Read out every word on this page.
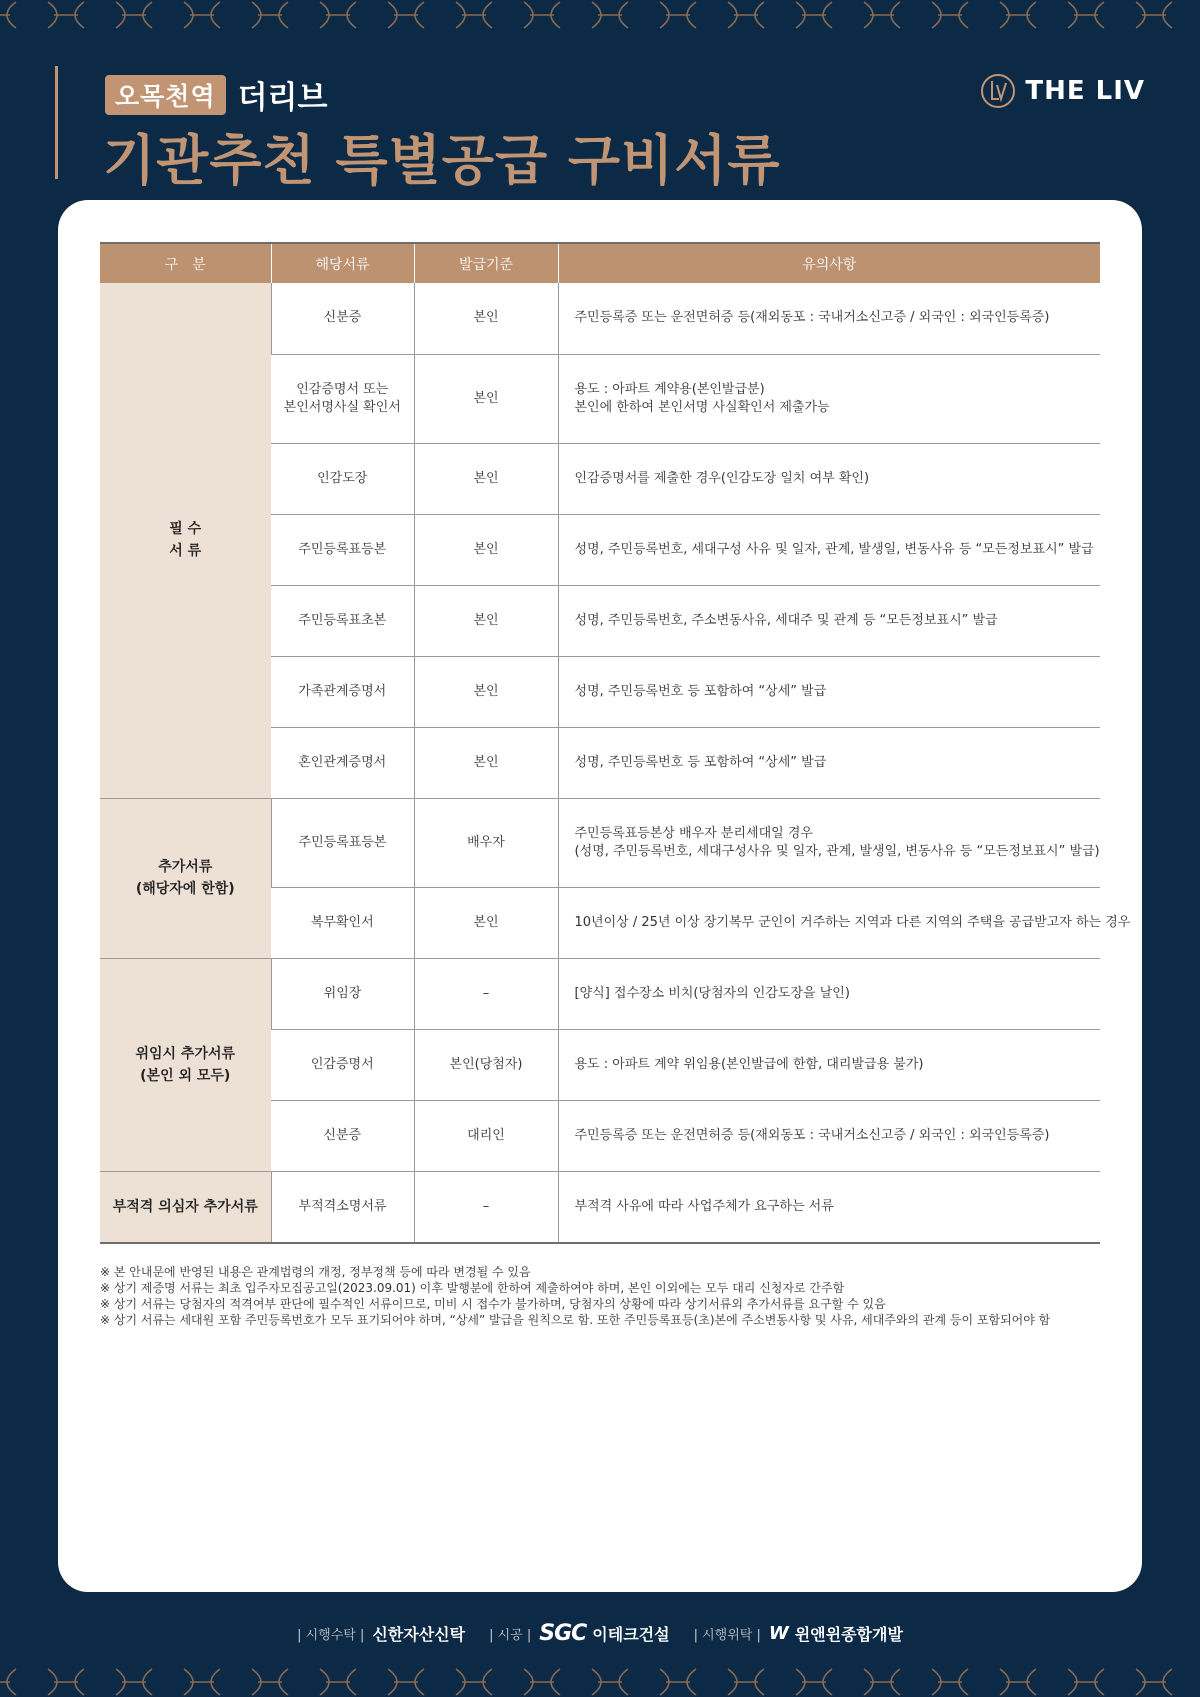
오목천역 더리브
기관추천 특별공급 구비서류
THE LIV
구　분	해당서류	발급기준	유의사항

필 수
서 류	신분증	본인	주민등록증 또는 운전면허증 등(재외동포 : 국내거소신고증 / 외국인 : 외국인등록증)

	인감증명서 또는
본인서명사실 확인서	본인	용도 : 아파트 계약용(본인발급분)
본인에 한하여 본인서명 사실확인서 제출가능

	인감도장	본인	인감증명서를 제출한 경우(인감도장 일치 여부 확인)

	주민등록표등본	본인	성명, 주민등록번호, 세대구성 사유 및 일자, 관계, 발생일, 변동사유 등 “모든정보표시” 발급

	주민등록표초본	본인	성명, 주민등록번호, 주소변동사유, 세대주 및 관계 등 “모든정보표시” 발급

	가족관계증명서	본인	성명, 주민등록번호 등 포함하여 “상세” 발급

	혼인관계증명서	본인	성명, 주민등록번호 등 포함하여 “상세” 발급

추가서류
(해당자에 한함)	주민등록표등본	배우자	주민등록표등본상 배우자 분리세대일 경우
(성명, 주민등록번호, 세대구성사유 및 일자, 관계, 발생일, 변동사유 등 “모든정보표시” 발급)

	복무확인서	본인	10년이상 / 25년 이상 장기복무 군인이 거주하는 지역과 다른 지역의 주택을 공급받고자 하는 경우

위임시 추가서류
(본인 외 모두)	위임장	–	[양식] 접수장소 비치(당첨자의 인감도장을 날인)

	인감증명서	본인(당첨자)	용도 : 아파트 계약 위임용(본인발급에 한함, 대리발급용 불가)

	신분증	대리인	주민등록증 또는 운전면허증 등(재외동포 : 국내거소신고증 / 외국인 : 외국인등록증)

부적격 의심자 추가서류	부적격소명서류	–	부적격 사유에 따라 사업주체가 요구하는 서류
※ 본 안내문에 반영된 내용은 관계법령의 개정, 정부정책 등에 따라 변경될 수 있음
※ 상기 제증명 서류는 최초 입주자모집공고일(2023.09.01) 이후 발행분에 한하여 제출하여야 하며, 본인 이외에는 모두 대리 신청자로 간주함
※ 상기 서류는 당첨자의 적격여부 판단에 필수적인 서류이므로, 미비 시 접수가 불가하며, 당첨자의 상황에 따라 상기서류외 추가서류를 요구할 수 있음
※ 상기 서류는 세대원 포함 주민등록번호가 모두 표기되어야 하며, “상세” 발급을 원칙으로 함. 또한 주민등록표등(초)본에 주소변동사항 및 사유, 세대주와의 관계 등이 포함되어야 함
| 시행수탁 | 신한자산신탁 | 시공 | SGC 이테크건설 | 시행위탁 | W 윈앤윈종합개발
